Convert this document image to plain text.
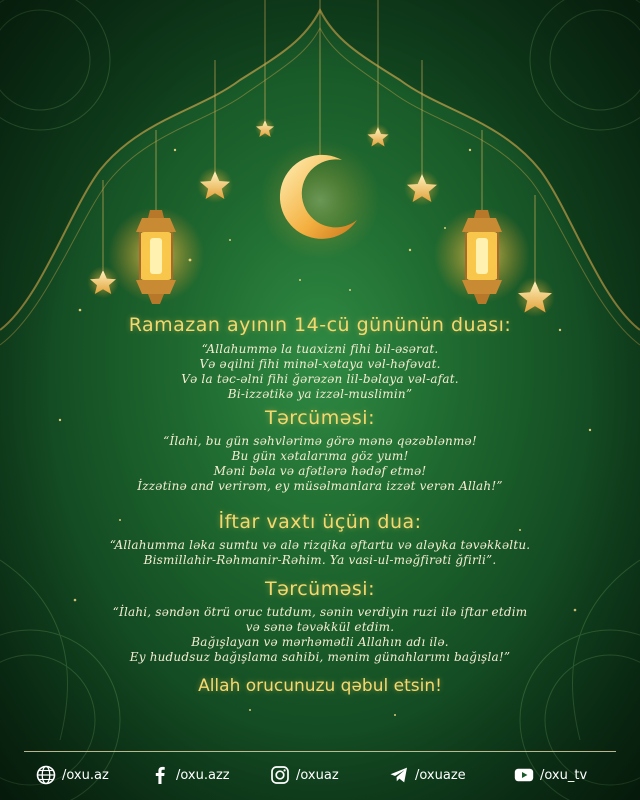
Ramazan ayının 14-cü gününün duası:
“Allahummə la tuaxizni fihi bil-əsərat.
Və əqilni fihi minəl-xətaya vəl-həfəvat.
Və la təc-əlni fihi ğərəzən lil-bəlaya vəl-afat.
Bi-izzətikə ya izzəl-muslimin”
Tərcüməsi:
“İlahi, bu gün səhvlərimə görə mənə qəzəblənmə!
Bu gün xətalarıma göz yum!
Məni bəla və afətlərə hədəf etmə!
İzzətinə and verirəm, ey müsəlmanlara izzət verən Allah!”
İftar vaxtı üçün dua:
“Allahumma ləka sumtu və alə rizqika əftartu və aləyka təvəkkəltu.
Bismillahir-Rəhmanir-Rəhim. Ya vasi-ul-məğfirəti ğfirli”.
Tərcüməsi:
“İlahi, səndən ötrü oruc tutdum, sənin verdiyin ruzi ilə iftar etdim
və sənə təvəkkül etdim.
Bağışlayan və mərhəmətli Allahın adı ilə.
Ey hududsuz bağışlama sahibi, mənim günahlarımı bağışla!”
Allah orucunuzu qəbul etsin!
/oxu.az	/oxu.azz	/oxuaz	/oxuaze	/oxu_tv
